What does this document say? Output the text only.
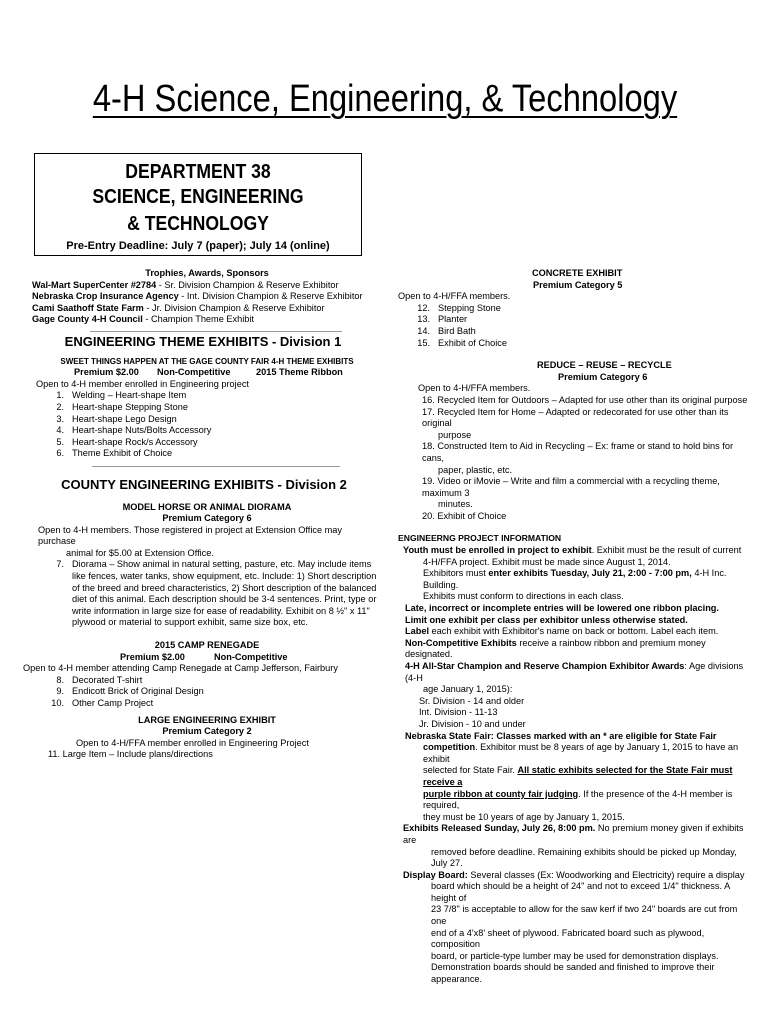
4-H Science, Engineering, & Technology
DEPARTMENT 38
SCIENCE, ENGINEERING
& TECHNOLOGY
Pre-Entry Deadline: July 7 (paper); July 14 (online)
Trophies, Awards, Sponsors
Wal-Mart SuperCenter #2784 - Sr. Division Champion & Reserve Exhibitor
Nebraska Crop Insurance Agency - Int. Division Champion & Reserve Exhibitor
Cami Saathoff State Farm - Jr. Division Champion & Reserve Exhibitor
Gage County 4-H Council - Champion Theme Exhibit
ENGINEERING THEME EXHIBITS - Division 1
SWEET THINGS HAPPEN AT THE GAGE COUNTY FAIR 4-H THEME EXHIBITS
Premium $2.00	Non-Competitive	2015 Theme Ribbon
Open to 4-H member enrolled in Engineering project
1. Welding – Heart-shape Item
2. Heart-shape Stepping Stone
3. Heart-shape Lego Design
4. Heart-shape Nuts/Bolts Accessory
5. Heart-shape Rock/s Accessory
6. Theme Exhibit of Choice
COUNTY ENGINEERING EXHIBITS - Division 2
MODEL HORSE OR ANIMAL DIORAMA
Premium Category 6
Open to 4-H members. Those registered in project at Extension Office may purchase
animal for $5.00 at Extension Office.
7. Diorama – Show animal in natural setting, pasture, etc. May include items
like fences, water tanks, show equipment, etc. Include: 1) Short description
of the breed and breed characteristics, 2) Short description of the balanced
diet of this animal. Each description should be 3-4 sentences. Print, type or
write information in large size for ease of readability. Exhibit on 8 ½" x 11"
plywood or material to support exhibit, same size box, etc.
2015 CAMP RENEGADE
Premium $2.00	Non-Competitive
Open to 4-H member attending Camp Renegade at Camp Jefferson, Fairbury
8. Decorated T-shirt
9. Endicott Brick of Original Design
10. Other Camp Project
LARGE ENGINEERING EXHIBIT
Premium Category 2
Open to 4-H/FFA member enrolled in Engineering Project
11. Large Item – Include plans/directions
CONCRETE EXHIBIT
Premium Category 5
Open to 4-H/FFA members.
12. Stepping Stone
13. Planter
14. Bird Bath
15. Exhibit of Choice
REDUCE – REUSE – RECYCLE
Premium Category 6
Open to 4-H/FFA members.
16. Recycled Item for Outdoors – Adapted for use other than its original purpose
17. Recycled Item for Home – Adapted or redecorated for use other than its original
purpose
18. Constructed Item to Aid in Recycling – Ex: frame or stand to hold bins for cans,
paper, plastic, etc.
19. Video or iMovie – Write and film a commercial with a recycling theme, maximum 3
minutes.
20. Exhibit of Choice
ENGINEERNG PROJECT INFORMATION
Youth must be enrolled in project to exhibit. Exhibit must be the result of current
4-H/FFA project. Exhibit must be made since August 1, 2014.
Exhibitors must enter exhibits Tuesday, July 21, 2:00 - 7:00 pm, 4-H Inc. Building.
Exhibits must conform to directions in each class.
Late, incorrect or incomplete entries will be lowered one ribbon placing.
Limit one exhibit per class per exhibitor unless otherwise stated.
Label each exhibit with Exhibitor's name on back or bottom. Label each item.
Non-Competitive Exhibits receive a rainbow ribbon and premium money designated.
4-H All-Star Champion and Reserve Champion Exhibitor Awards: Age divisions (4-H
age January 1, 2015):
Sr. Division - 14 and older
Int. Division - 11-13
Jr. Division - 10 and under
Nebraska State Fair: Classes marked with an * are eligible for State Fair
competition. Exhibitor must be 8 years of age by January 1, 2015 to have an exhibit
selected for State Fair. All static exhibits selected for the State Fair must receive a
purple ribbon at county fair judging. If the presence of the 4-H member is required,
they must be 10 years of age by January 1, 2015.
Exhibits Released Sunday, July 26, 8:00 pm. No premium money given if exhibits are
removed before deadline. Remaining exhibits should be picked up Monday, July 27.
Display Board: Several classes (Ex: Woodworking and Electricity) require a display
board which should be a height of 24" and not to exceed 1/4" thickness. A height of
23 7/8" is acceptable to allow for the saw kerf if two 24" boards are cut from one
end of a 4'x8' sheet of plywood. Fabricated board such as plywood, composition
board, or particle-type lumber may be used for demonstration displays.
Demonstration boards should be sanded and finished to improve their appearance.
